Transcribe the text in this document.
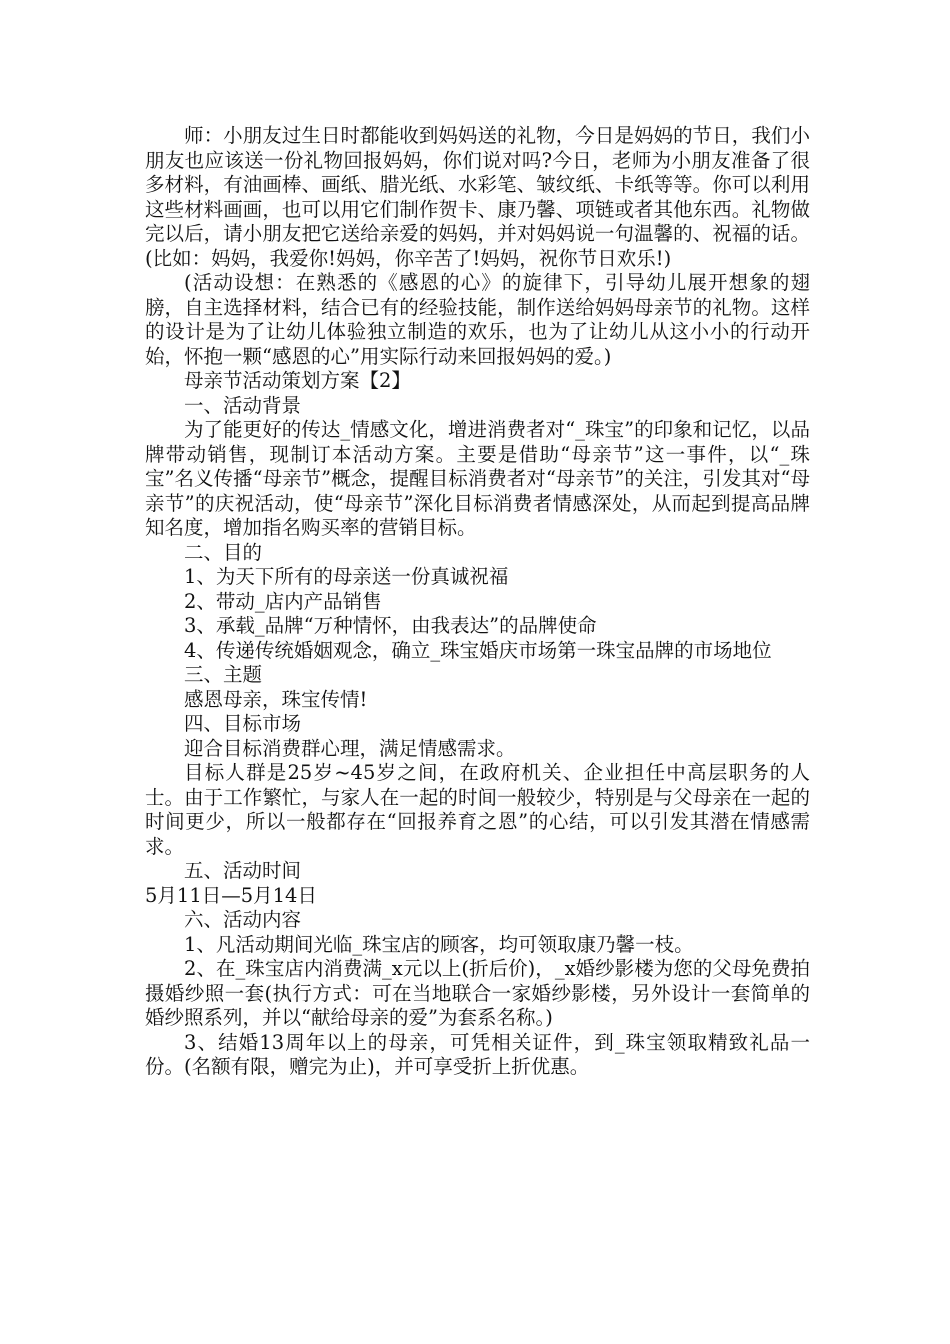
师：小朋友过生日时都能收到妈妈送的礼物，今日是妈妈的节日，我们小朋友也应该送一份礼物回报妈妈，你们说对吗?今日，老师为小朋友准备了很多材料，有油画棒、画纸、腊光纸、水彩笔、皱纹纸、卡纸等等。你可以利用这些材料画画，也可以用它们制作贺卡、康乃馨、项链或者其他东西。礼物做完以后，请小朋友把它送给亲爱的妈妈，并对妈妈说一句温馨的、祝福的话。(比如：妈妈，我爱你!妈妈，你辛苦了!妈妈，祝你节日欢乐!)

(活动设想：在熟悉的《感恩的心》的旋律下，引导幼儿展开想象的翅膀，自主选择材料，结合已有的经验技能，制作送给妈妈母亲节的礼物。这样的设计是为了让幼儿体验独立制造的欢乐，也为了让幼儿从这小小的行动开始，怀抱一颗“感恩的心”用实际行动来回报妈妈的爱。)

母亲节活动策划方案【2】

一、活动背景

为了能更好的传达_情感文化，增进消费者对“_珠宝”的印象和记忆，以品牌带动销售，现制订本活动方案。主要是借助“母亲节”这一事件，以“_珠宝”名义传播“母亲节”概念，提醒目标消费者对“母亲节”的关注，引发其对“母亲节”的庆祝活动，使“母亲节”深化目标消费者情感深处，从而起到提高品牌知名度，增加指名购买率的营销目标。

二、目的

1、为天下所有的母亲送一份真诚祝福

2、带动_店内产品销售

3、承载_品牌“万种情怀，由我表达”的品牌使命

4、传递传统婚姻观念，确立_珠宝婚庆市场第一珠宝品牌的市场地位

三、主题

感恩母亲，珠宝传情!

四、目标市场

迎合目标消费群心理，满足情感需求。

目标人群是25岁~45岁之间，在政府机关、企业担任中高层职务的人士。由于工作繁忙，与家人在一起的时间一般较少，特别是与父母亲在一起的时间更少，所以一般都存在“回报养育之恩”的心结，可以引发其潜在情感需求。

五、活动时间

5月11日—5月14日

六、活动内容

1、凡活动期间光临_珠宝店的顾客，均可领取康乃馨一枝。

2、在_珠宝店内消费满_x元以上(折后价)，_x婚纱影楼为您的父母免费拍摄婚纱照一套(执行方式：可在当地联合一家婚纱影楼，另外设计一套简单的婚纱照系列，并以“献给母亲的爱”为套系名称。)

3、结婚13周年以上的母亲，可凭相关证件，到_珠宝领取精致礼品一份。(名额有限，赠完为止)，并可享受折上折优惠。
